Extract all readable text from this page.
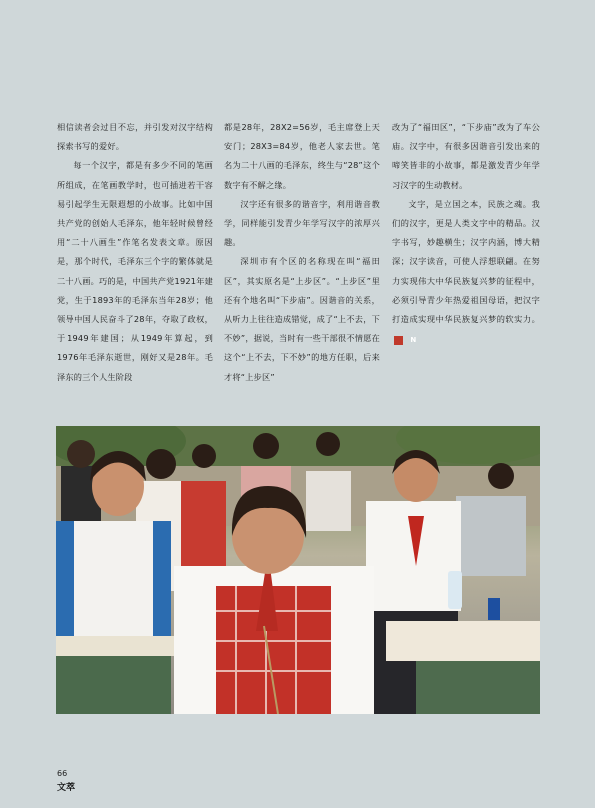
相信读者会过目不忘，并引发对汉字结构探索书写的爱好。

每一个汉字，都是有多少不同的笔画所组成，在笔画教学时，也可插进若干容易引起学生无限遐想的小故事。比如中国共产党的创始人毛泽东，他年轻时候曾经用“二十八画生”作笔名发表文章。原因是，那个时代，毛泽东三个字的繁体就是二十八画。巧的是，中国共产党1921年建党，生于1893年的毛泽东当年28岁；他领导中国人民奋斗了28年，夺取了政权，于1949年建国；从1949年算起，到1976年毛泽东逝世，刚好又是28年。毛泽东的三个人生阶段

都是28年，28X2=56岁，毛主席登上天安门；28X3=84岁，他老人家去世。笔名为二十八画的毛泽东，终生与“28”这个数字有不解之缘。

汉字还有很多的谐音字，利用谐音教学，同样能引发青少年学写汉字的浓厚兴趣。

深圳市有个区的名称现在叫“福田区”，其实原名是“上步区”。“上步区”里还有个地名叫“下步庙”。因谐音的关系，从听力上往往造成错觉，成了“上不去，下不妙”，据说，当时有一些干部很不情愿在这个“上不去，下不妙”的地方任职，后来才将“上步区”

改为了“福田区”，“下步庙”改为了车公庙。汉字中，有很多因谐音引发出来的啼笑皆非的小故事，都是激发青少年学习汉字的生动教材。

文字，是立国之本，民族之魂。我们的汉字，更是人类文字中的精品。汉字书写，妙趣横生；汉字内涵，博大精深；汉字读音，可使人浮想联翩。在努力实现伟大中华民族复兴梦的征程中，必须引导青少年热爱祖国母语，把汉字打造成实现中华民族复兴梦的软实力。N

66
文萃
